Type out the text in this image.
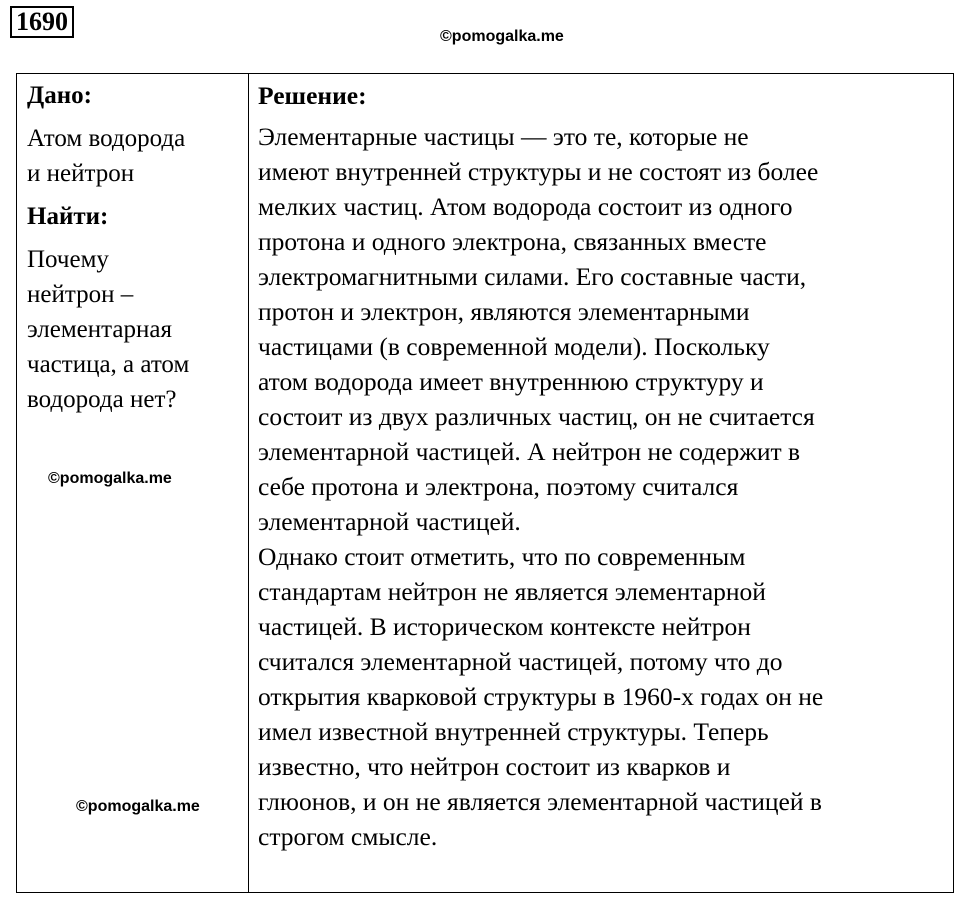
1690
©pomogalka.me
Дано:
Атом водорода
и нейтрон
Найти:
Почему
нейтрон –
элементарная
частица, а атом
водорода нет?
Решение:
Элементарные частицы — это те, которые не
имеют внутренней структуры и не состоят из более
мелких частиц. Атом водорода состоит из одного
протона и одного электрона, связанных вместе
электромагнитными силами. Его составные части,
протон и электрон, являются элементарными
частицами (в современной модели). Поскольку
атом водорода имеет внутреннюю структуру и
состоит из двух различных частиц, он не считается
элементарной частицей. А нейтрон не содержит в
себе протона и электрона, поэтому считался
элементарной частицей.
Однако стоит отметить, что по современным
стандартам нейтрон не является элементарной
частицей. В историческом контексте нейтрон
считался элементарной частицей, потому что до
открытия кварковой структуры в 1960-х годах он не
имел известной внутренней структуры. Теперь
известно, что нейтрон состоит из кварков и
глюонов, и он не является элементарной частицей в
строгом смысле.
©pomogalka.me
©pomogalka.me
